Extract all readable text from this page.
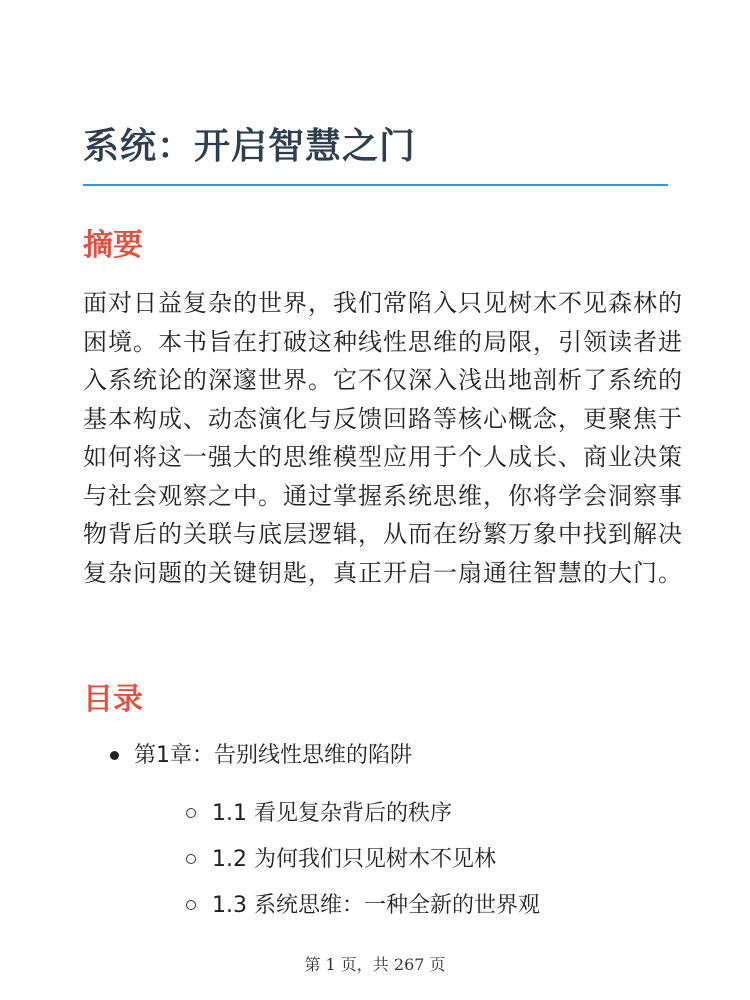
系统：开启智慧之门
摘要

面对日益复杂的世界，我们常陷入只见树木不见森林的困境。本书旨在打破这种线性思维的局限，引领读者进入系统论的深邃世界。它不仅深入浅出地剖析了系统的基本构成、动态演化与反馈回路等核心概念，更聚焦于如何将这一强大的思维模型应用于个人成长、商业决策与社会观察之中。通过掌握系统思维，你将学会洞察事物背后的关联与底层逻辑，从而在纷繁万象中找到解决复杂问题的关键钥匙，真正开启一扇通往智慧的大门。

目录
第1章：告别线性思维的陷阱
1.1 看见复杂背后的秩序
1.2 为何我们只见树木不见林
1.3 系统思维：一种全新的世界观
第 1 页，共 267 页
